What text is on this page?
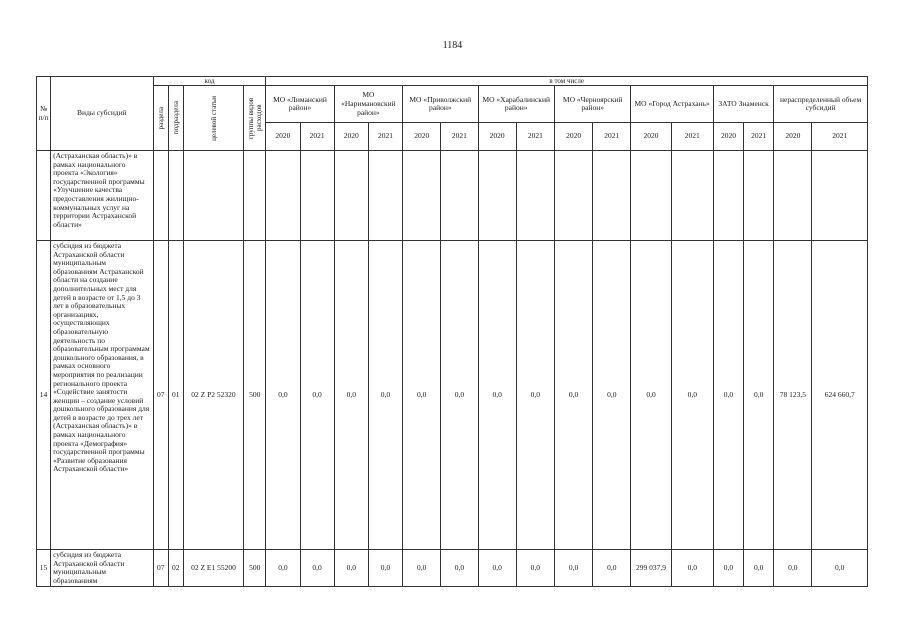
1184
№
п/п	Виды субсидий	код				в том числе															

		раздела	подраздела	целевой статьи	группы видов расходов	МО «Лиманский район»		МО «Наримановский район»		МО «Приволжский район»		МО «Харабалинский район»		МО «Черноярский район»		МО «Город Астрахань»		ЗАТО Знаменск		нераспределенный объем субсидий	
						2020	2021	2020	2021	2020	2021	2020	2021	2020	2021	2020	2021	2020	2021	2020	2021
	(Астраханская область)» в рамках национального проекта «Экология» государственной программы «Улучшение качества предоставления жилищно-коммунальных услуг на территории Астраханской области»																				
14	субсидия из бюджета Астраханской области муниципальным образованиям Астраханской области на создание дополнительных мест для детей в возрасте от 1,5 до 3 лет в образовательных организациях, осуществляющих образовательную деятельность по образовательным программам дошкольного образования, в рамках основного мероприятия по реализации регионального проекта «Содействие занятости женщин – создание условий дошкольного образования для детей в возрасте до трех лет (Астраханская область)» в рамках национального проекта «Демография» государственной программы «Развитие образования Астраханской области»	07	01	02 Z P2 52320	500	0,0	0,0	0,0	0,0	0,0	0,0	0,0	0,0	0,0	0,0	0,0	0,0	0,0	0,0	78 123,5	624 660,7
15	субсидия из бюджета Астраханской области муниципальным образованиям	07	02	02 Z E1 55200	500	0,0	0,0	0,0	0,0	0,0	0,0	0,0	0,0	0,0	0,0	299 037,9	0,0	0,0	0,0	0,0	0,0
